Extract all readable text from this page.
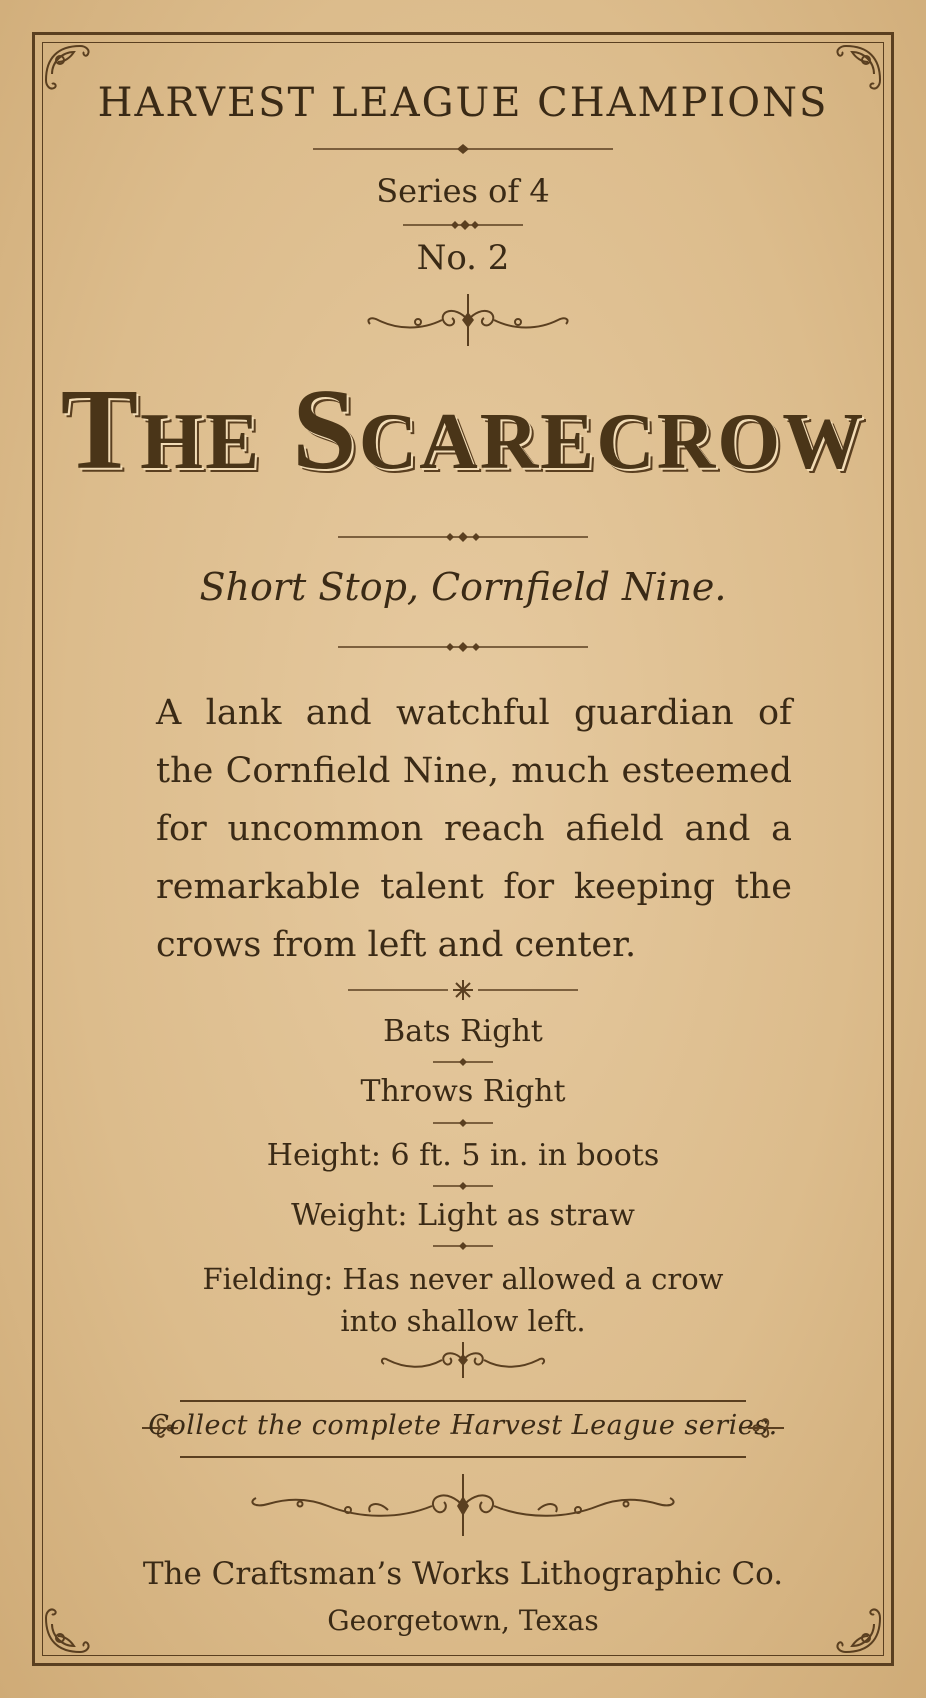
HARVEST LEAGUE CHAMPIONS
Series of 4
No. 2
The Scarecrow
Short Stop, Cornfield Nine.
A lank and watchful guardian of the Cornfield Nine, much esteemed for uncommon reach afield and a remarkable talent for keeping the crows from left and center.
Bats Right
Throws Right
Height: 6 ft. 5 in. in boots
Weight: Light as straw
Fielding: Has never allowed a crow
into shallow left.
Collect the complete Harvest League series.
The Craftsman’s Works Lithographic Co.
Georgetown, Texas
